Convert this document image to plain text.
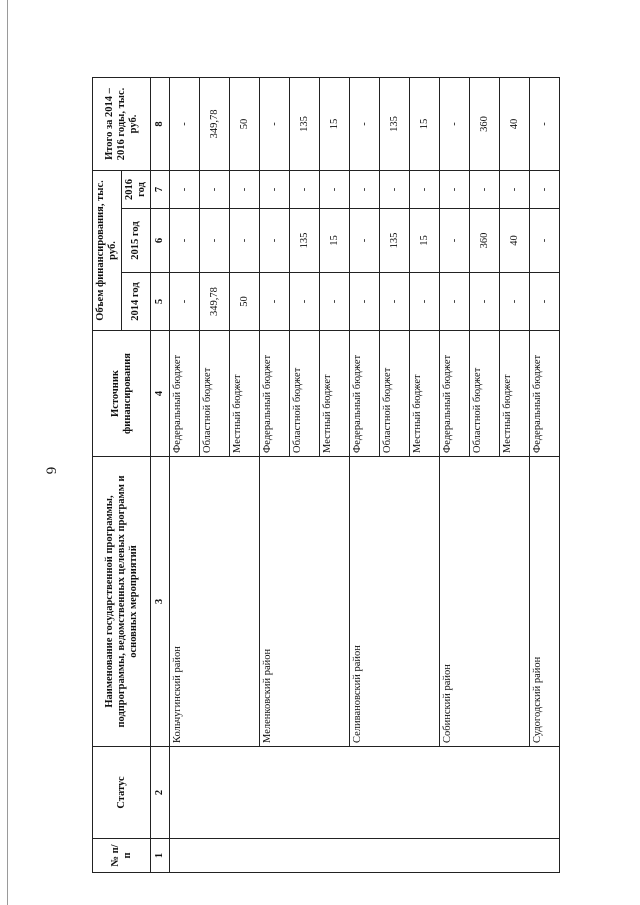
6
№ п/п	Статус	Наименование государственной программы, подпрограммы, ведомственных целевых программ и основных мероприятий	Источник финансирования	Объем финансирования, тыс. руб.			Итого за 2014 – 2016 годы, тыс. руб.
				2014 год	2015 год	2016 год	
1	2	3	4	5	6	7	8
		Кольчугинский район	Федеральный бюджет	-	-	-	-
			Областной бюджет	349,78	-	-	349,78
			Местный бюджет	50	-	-	50
		Меленковский район	Федеральный бюджет	-	-	-	-
			Областной бюджет	-	135	-	135
			Местный бюджет	-	15	-	15
		Селивановский район	Федеральный бюджет	-	-	-	-
			Областной бюджет	-	135	-	135
			Местный бюджет	-	15	-	15
		Собинский район	Федеральный бюджет	-	-	-	-
			Областной бюджет	-	360	-	360
			Местный бюджет	-	40	-	40
		Судогодский район	Федеральный бюджет	-	-	-	-
